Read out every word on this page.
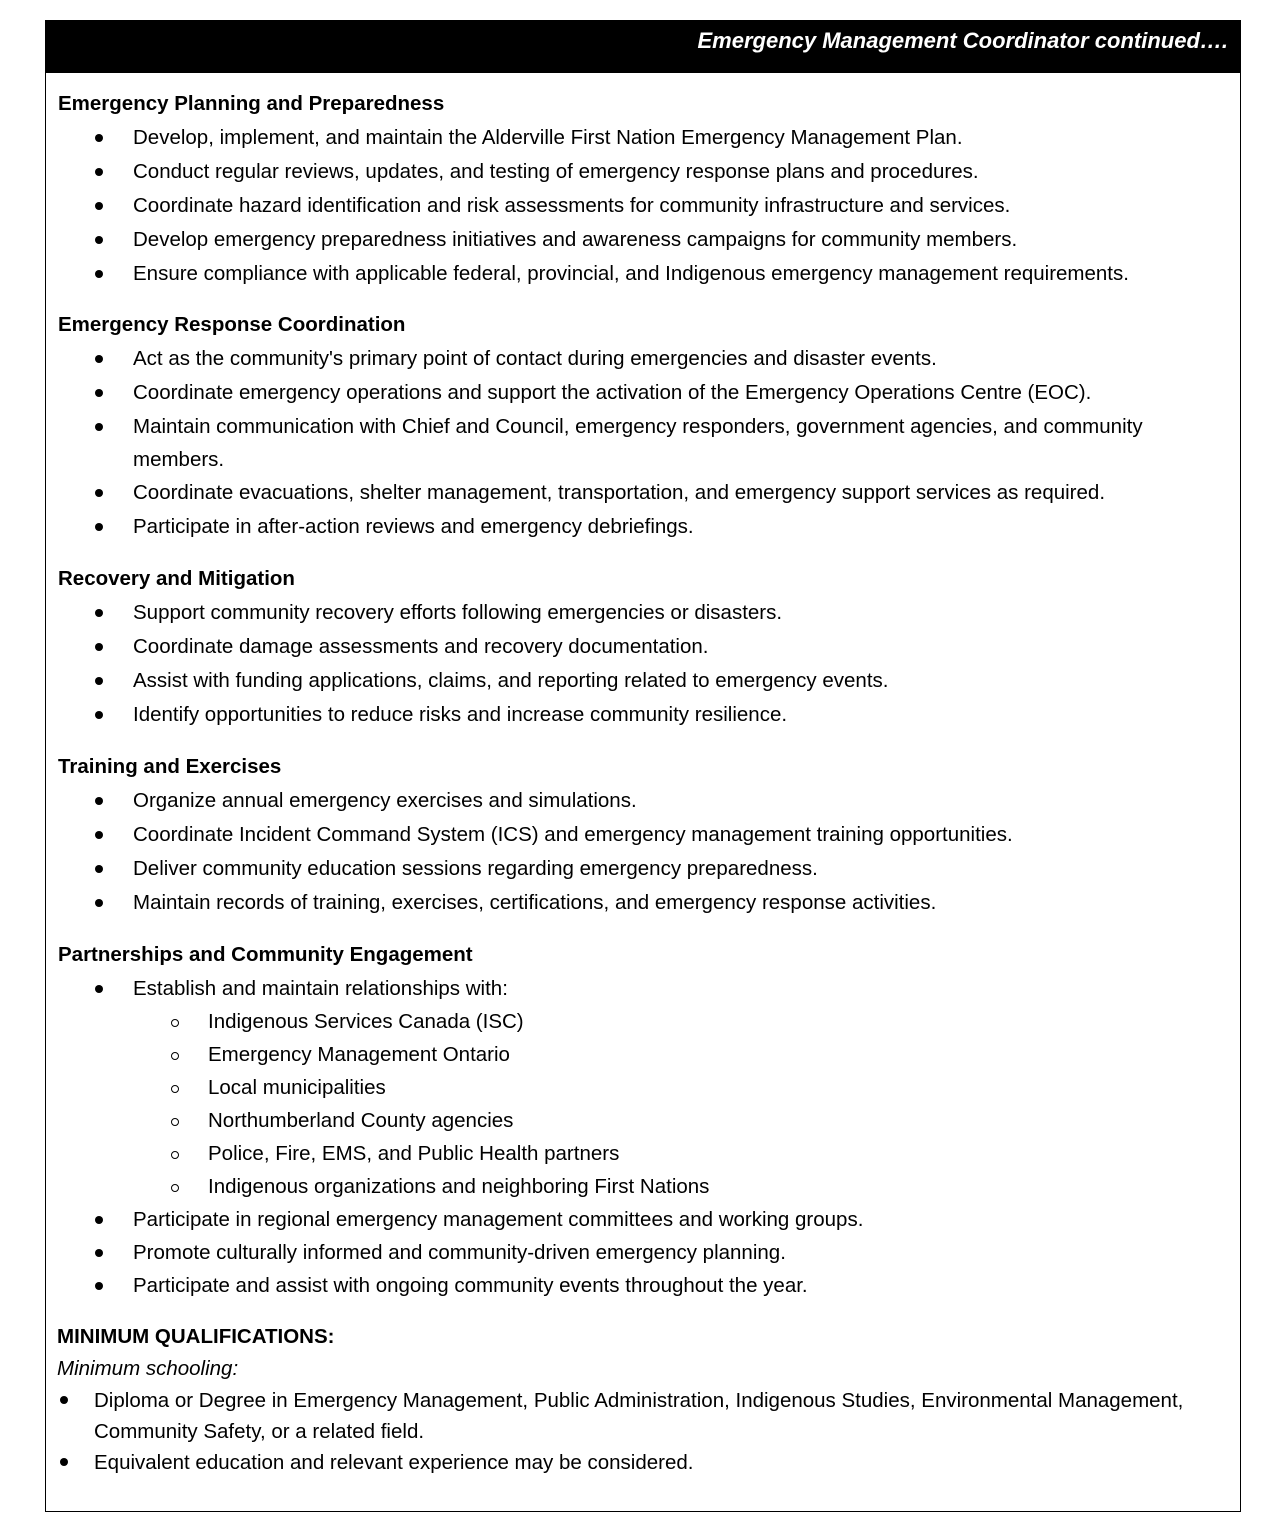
Emergency Management Coordinator continued….
Emergency Planning and Preparedness
Develop, implement, and maintain the Alderville First Nation Emergency Management Plan.
Conduct regular reviews, updates, and testing of emergency response plans and procedures.
Coordinate hazard identification and risk assessments for community infrastructure and services.
Develop emergency preparedness initiatives and awareness campaigns for community members.
Ensure compliance with applicable federal, provincial, and Indigenous emergency management requirements.
Emergency Response Coordination
Act as the community's primary point of contact during emergencies and disaster events.
Coordinate emergency operations and support the activation of the Emergency Operations Centre (EOC).
Maintain communication with Chief and Council, emergency responders, government agencies, and community members.
Coordinate evacuations, shelter management, transportation, and emergency support services as required.
Participate in after-action reviews and emergency debriefings.
Recovery and Mitigation
Support community recovery efforts following emergencies or disasters.
Coordinate damage assessments and recovery documentation.
Assist with funding applications, claims, and reporting related to emergency events.
Identify opportunities to reduce risks and increase community resilience.
Training and Exercises
Organize annual emergency exercises and simulations.
Coordinate Incident Command System (ICS) and emergency management training opportunities.
Deliver community education sessions regarding emergency preparedness.
Maintain records of training, exercises, certifications, and emergency response activities.
Partnerships and Community Engagement
Establish and maintain relationships with:
Indigenous Services Canada (ISC)
Emergency Management Ontario
Local municipalities
Northumberland County agencies
Police, Fire, EMS, and Public Health partners
Indigenous organizations and neighboring First Nations
Participate in regional emergency management committees and working groups.
Promote culturally informed and community-driven emergency planning.
Participate and assist with ongoing community events throughout the year.
MINIMUM QUALIFICATIONS:
Minimum schooling:
Diploma or Degree in Emergency Management, Public Administration, Indigenous Studies, Environmental Management, Community Safety, or a related field.
Equivalent education and relevant experience may be considered.
